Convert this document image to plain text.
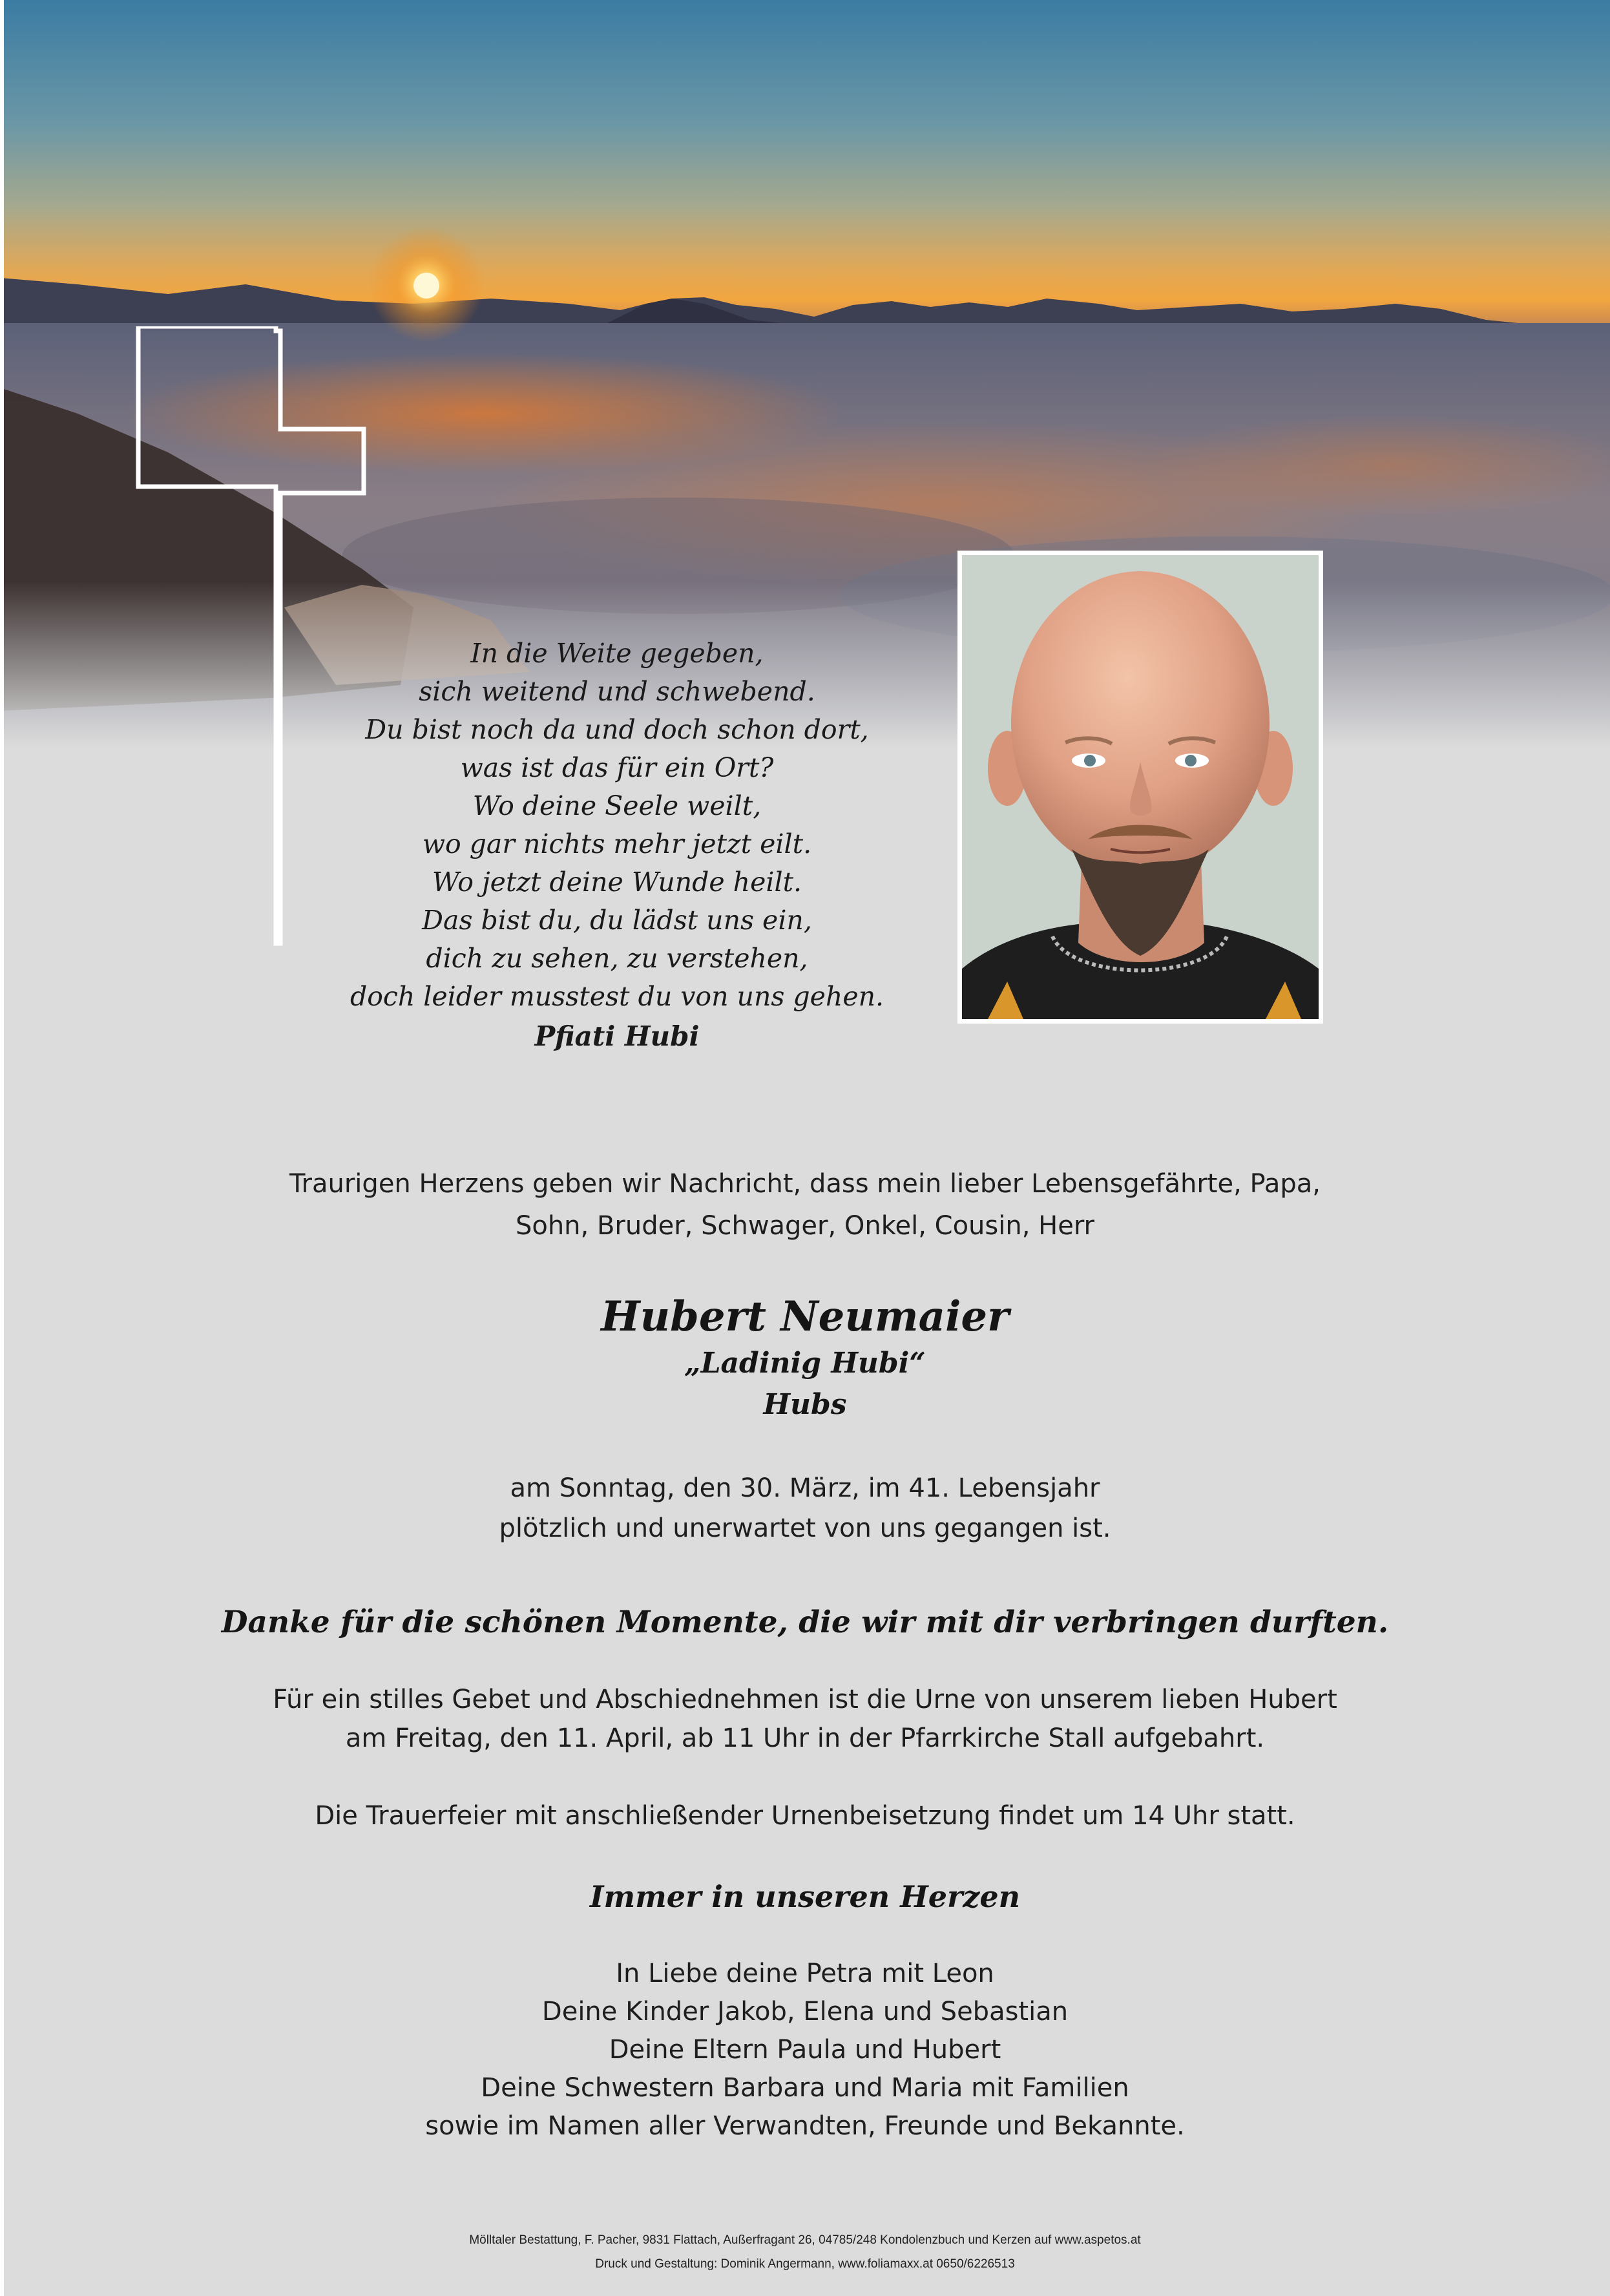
In die Weite gegeben,
sich weitend und schwebend.
Du bist noch da und doch schon dort,
was ist das für ein Ort?
Wo deine Seele weilt,
wo gar nichts mehr jetzt eilt.
Wo jetzt deine Wunde heilt.
Das bist du, du lädst uns ein,
dich zu sehen, zu verstehen,
doch leider musstest du von uns gehen.
Pfiati Hubi
Traurigen Herzens geben wir Nachricht, dass mein lieber Lebensgefährte, Papa,
Sohn, Bruder, Schwager, Onkel, Cousin, Herr
Hubert Neumaier
„Ladinig Hubi“
Hubs
am Sonntag, den 30. März, im 41. Lebensjahr
plötzlich und unerwartet von uns gegangen ist.
Danke für die schönen Momente, die wir mit dir verbringen durften.
Für ein stilles Gebet und Abschiednehmen ist die Urne von unserem lieben Hubert
am Freitag, den 11. April, ab 11 Uhr in der Pfarrkirche Stall aufgebahrt.
Die Trauerfeier mit anschließender Urnenbeisetzung findet um 14 Uhr statt.
Immer in unseren Herzen
In Liebe deine Petra mit Leon
Deine Kinder Jakob, Elena und Sebastian
Deine Eltern Paula und Hubert
Deine Schwestern Barbara und Maria mit Familien
sowie im Namen aller Verwandten, Freunde und Bekannte.
Mölltaler Bestattung, F. Pacher, 9831 Flattach, Außerfragant 26, 04785/248 Kondolenzbuch und Kerzen auf www.aspetos.at
Druck und Gestaltung: Dominik Angermann, www.foliamaxx.at 0650/6226513
